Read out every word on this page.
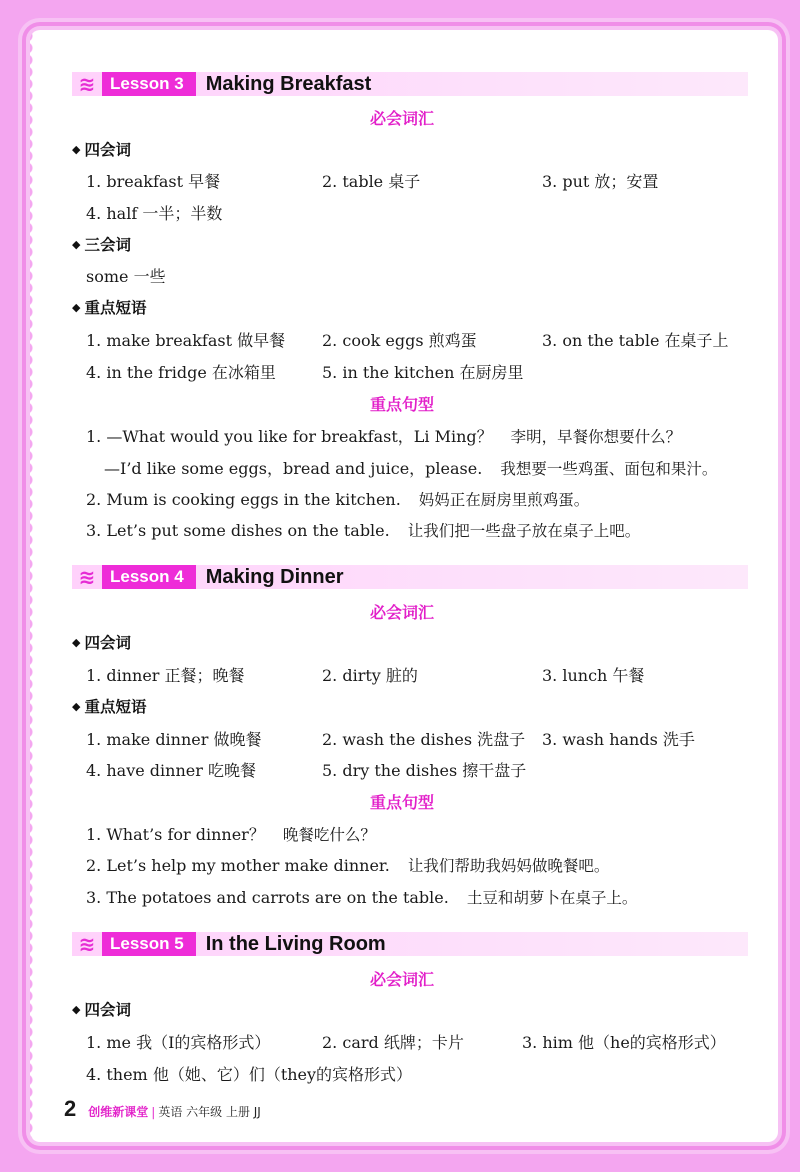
≋ Lesson 3	Making Breakfast
必会词汇
◆ 四会词
1. breakfast 早餐	2. table 桌子	3. put 放；安置
4. half 一半；半数
◆ 三会词
some 一些
◆ 重点短语
1. make breakfast 做早餐 2. cook eggs 煎鸡蛋	3. on the table 在桌子上
4. in the fridge 在冰箱里	5. in the kitchen 在厨房里
重点句型
1. —What would you like for breakfast，Li Ming？ 李明，早餐你想要什么？
—I’d like some eggs，bread and juice，please. 我想要一些鸡蛋、面包和果汁。
2. Mum is cooking eggs in the kitchen. 妈妈正在厨房里煎鸡蛋。
3. Let’s put some dishes on the table. 让我们把一些盘子放在桌子上吧。
≋ Lesson 4	Making Dinner
必会词汇
◆ 四会词
1. dinner 正餐；晚餐	2. dirty 脏的	3. lunch 午餐
◆ 重点短语
1. make dinner 做晚餐	2. wash the dishes 洗盘子 3. wash hands 洗手
4. have dinner 吃晚餐	5. dry the dishes 擦干盘子
重点句型
1. What’s for dinner？ 晚餐吃什么？
2. Let’s help my mother make dinner. 让我们帮助我妈妈做晚餐吧。
3. The potatoes and carrots are on the table. 土豆和胡萝卜在桌子上。
≋ Lesson 5	In the Living Room
必会词汇
◆ 四会词
1. me 我（I的宾格形式）	2. card 纸牌；卡片	3. him 他（he的宾格形式）
4. them 他（她、它）们（they的宾格形式）
2 创维新课堂 | 英语 六年级 上册 JJ
